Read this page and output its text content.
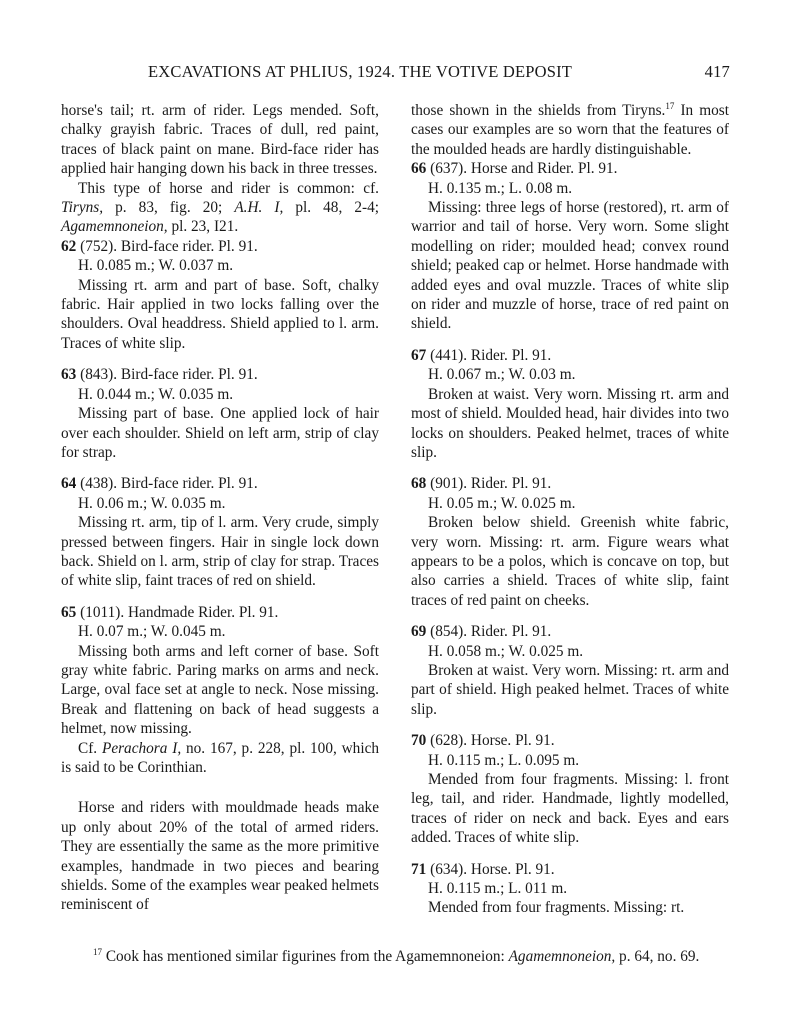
EXCAVATIONS AT PHLIUS, 1924. THE VOTIVE DEPOSIT	417

horse's tail; rt. arm of rider. Legs mended. Soft, chalky grayish fabric. Traces of dull, red paint, traces of black paint on mane. Bird-face rider has applied hair hanging down his back in three tresses.

This type of horse and rider is common: cf. Tiryns, p. 83, fig. 20; A.H. I, pl. 48, 2-4; Agamemnoneion, pl. 23, I21.

62 (752). Bird-face rider. Pl. 91.

H. 0.085 m.; W. 0.037 m.

Missing rt. arm and part of base. Soft, chalky fabric. Hair applied in two locks falling over the shoulders. Oval headdress. Shield applied to l. arm. Traces of white slip.

63 (843). Bird-face rider. Pl. 91.

H. 0.044 m.; W. 0.035 m.

Missing part of base. One applied lock of hair over each shoulder. Shield on left arm, strip of clay for strap.

64 (438). Bird-face rider. Pl. 91.

H. 0.06 m.; W. 0.035 m.

Missing rt. arm, tip of l. arm. Very crude, simply pressed between fingers. Hair in single lock down back. Shield on l. arm, strip of clay for strap. Traces of white slip, faint traces of red on shield.

65 (1011). Handmade Rider. Pl. 91.

H. 0.07 m.; W. 0.045 m.

Missing both arms and left corner of base. Soft gray white fabric. Paring marks on arms and neck. Large, oval face set at angle to neck. Nose missing. Break and flattening on back of head suggests a helmet, now missing.

Cf. Perachora I, no. 167, p. 228, pl. 100, which is said to be Corinthian.

Horse and riders with mouldmade heads make up only about 20% of the total of armed riders. They are essentially the same as the more primitive examples, handmade in two pieces and bearing shields. Some of the examples wear peaked helmets reminiscent of

those shown in the shields from Tiryns.$^{17}$ In most cases our examples are so worn that the features of the moulded heads are hardly distinguishable.

66 (637). Horse and Rider. Pl. 91.

H. 0.135 m.; L. 0.08 m.

Missing: three legs of horse (restored), rt. arm of warrior and tail of horse. Very worn. Some slight modelling on rider; moulded head; convex round shield; peaked cap or helmet. Horse handmade with added eyes and oval muzzle. Traces of white slip on rider and muzzle of horse, trace of red paint on shield.

67 (441). Rider. Pl. 91.

H. 0.067 m.; W. 0.03 m.

Broken at waist. Very worn. Missing rt. arm and most of shield. Moulded head, hair divides into two locks on shoulders. Peaked helmet, traces of white slip.

68 (901). Rider. Pl. 91.

H. 0.05 m.; W. 0.025 m.

Broken below shield. Greenish white fabric, very worn. Missing: rt. arm. Figure wears what appears to be a polos, which is concave on top, but also carries a shield. Traces of white slip, faint traces of red paint on cheeks.

69 (854). Rider. Pl. 91.

H. 0.058 m.; W. 0.025 m.

Broken at waist. Very worn. Missing: rt. arm and part of shield. High peaked helmet. Traces of white slip.

70 (628). Horse. Pl. 91.

H. 0.115 m.; L. 0.095 m.

Mended from four fragments. Missing: l. front leg, tail, and rider. Handmade, lightly modelled, traces of rider on neck and back. Eyes and ears added. Traces of white slip.

71 (634). Horse. Pl. 91.

H. 0.115 m.; L. 011 m.

Mended from four fragments. Missing: rt.

$^{17}$ Cook has mentioned similar figurines from the Agamemnoneion: Agamemnoneion, p. 64, no. 69.
